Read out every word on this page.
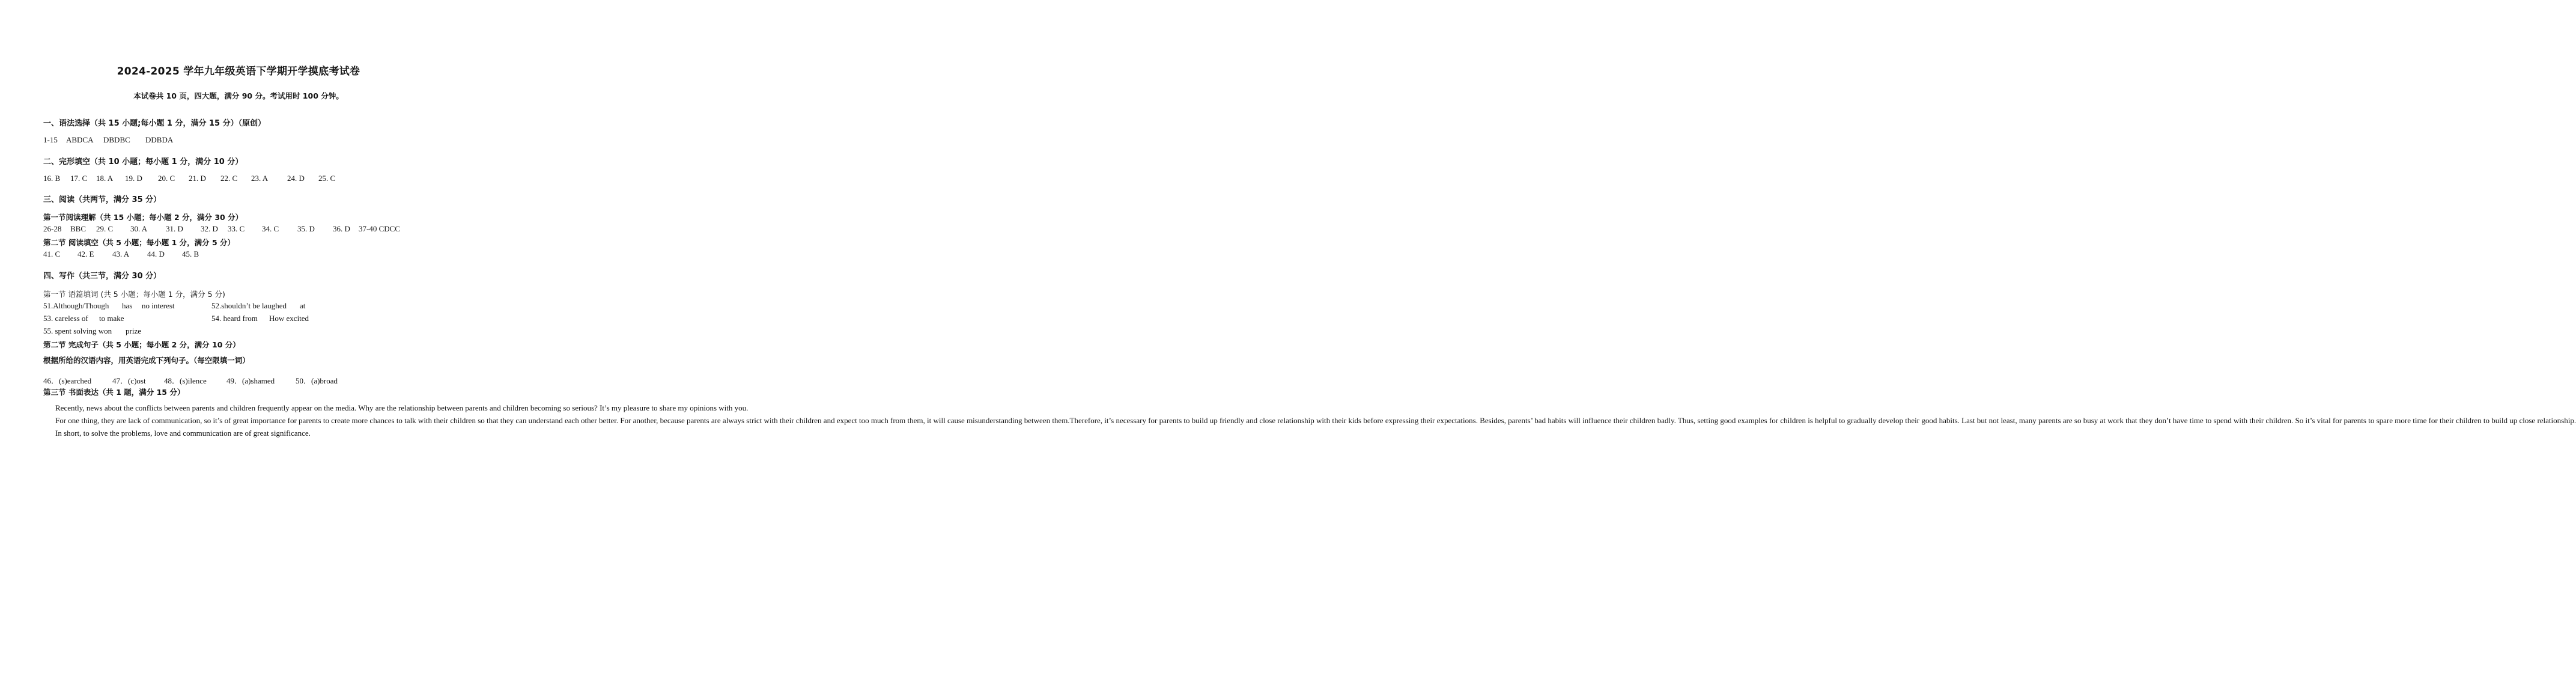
2024-2025 学年九年级英语下学期开学摸底考试卷
本试卷共 10 页，四大题，满分 90 分。考试用时 100 分钟。
一、语法选择（共 15 小题;每小题 1 分，满分 15 分）（原创）
1-15	ABDCA	DBDBC	DDBDA
二、完形填空（共 10 小题；每小题 1 分，满分 10 分）
16. B	17. C	18. A	19. D	20. C	21. D	22. C	23. A	24. D	25. C
三、阅读（共两节，满分 35 分）
第一节阅读理解（共 15 小题；每小题 2 分，满分 30 分）
26-28	BBC	29. C	30. A	31. D	32. D	33. C	34. C	35. D	36. D	37-40 CDCC
第二节 阅读填空（共 5 小题；每小题 1 分，满分 5 分）
41. C	42. E	43. A	44. D	45. B
四、写作（共三节，满分 30 分）
第一节 语篇填词 (共 5 小题；每小题 1 分，满分 5 分)
51.Although/Though has no interest	52.shouldn’t be laughed at
53. careless of to make	54. heard from How excited
55. spent solving won prize
第二节 完成句子（共 5 小题；每小题 2 分，满分 10 分）
根据所给的汉语内容，用英语完成下列句子。（每空限填一词）
46．(s)earched	47．(c)ost	48．(s)ilence	49．(a)shamed	50．(a)broad
第三节 书面表达（共 1 题，满分 15 分）

Recently, news about the conflicts between parents and children frequently appear on the media. Why are the relationship between parents and children becoming so serious? It’s my pleasure to share my opinions with you.

For one thing, they are lack of communication, so it’s of great importance for parents to create more chances to talk with their children so that they can understand each other better. For another, because parents are always strict with their children and expect too much from them, it will cause misunderstanding between them.Therefore, it’s necessary for parents to build up friendly and close relationship with their kids before expressing their expectations. Besides, parents’ bad habits will influence their children badly. Thus, setting good examples for children is helpful to gradually develop their good habits. Last but not least, many parents are so busy at work that they don’t have time to spend with their children. So it’s vital for parents to spare more time for their children to build up close relationship.

In short, to solve the problems, love and communication are of great significance.
